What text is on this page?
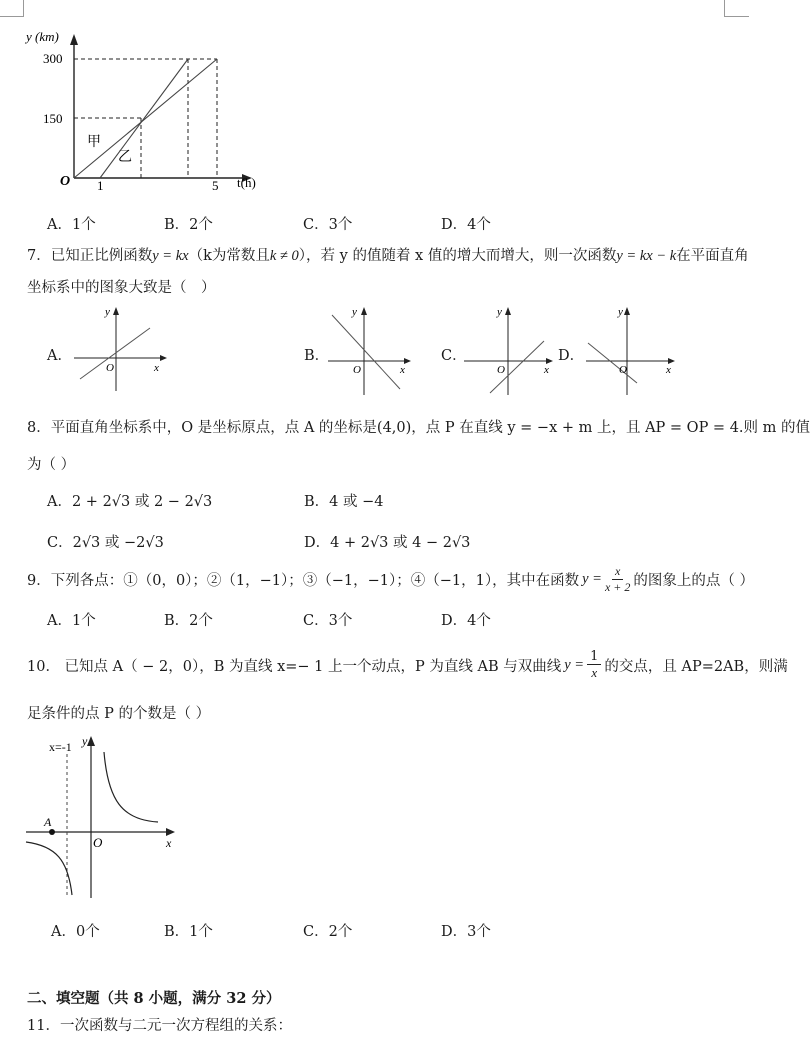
y (km)
300
150
O 1	5 t(h)
甲
乙
A．1个	B．2个	C．3个	D．4个
7．已知正比例函数y = kx（k为常数且k ≠ 0），若 y 的值随着 x 值的增大而增大，则一次函数y = kx − k在平面直角
坐标系中的图象大致是（　）
A．	B．	C．	D．
y
x
O
y
x
O
y
x
O
y
x
O
8．平面直角坐标系中，O 是坐标原点，点 A 的坐标是(4,0)，点 P 在直线 y = −x + m 上，且 AP = OP = 4.则 m 的值
为（ ）
A．2 + 2√3 或 2 − 2√3	B．4 或 −4
C．2√3 或 −2√3	D．4 + 2√3 或 4 − 2√3
9．下列各点：①（0，0）；②（1，−1）；③（−1，−1）；④（−1，1），其中在函数 $y = \frac{x}{x + 2}$ 的图象上的点（ ）
A．1个	B．2个	C．3个	D．4个
10． 已知点 A（ − 2，0），B 为直线 x=− 1 上一个动点，P 为直线 AB 与双曲线 $y = \frac{1}{x}$ 的交点，且 AP=2AB，则满
足条件的点 P 的个数是（ ）
x=-1 y
A
O	x
A．0个	B．1个	C．2个	D．3个
二、填空题（共 8 小题，满分 32 分）
11．一次函数与二元一次方程组的关系：
